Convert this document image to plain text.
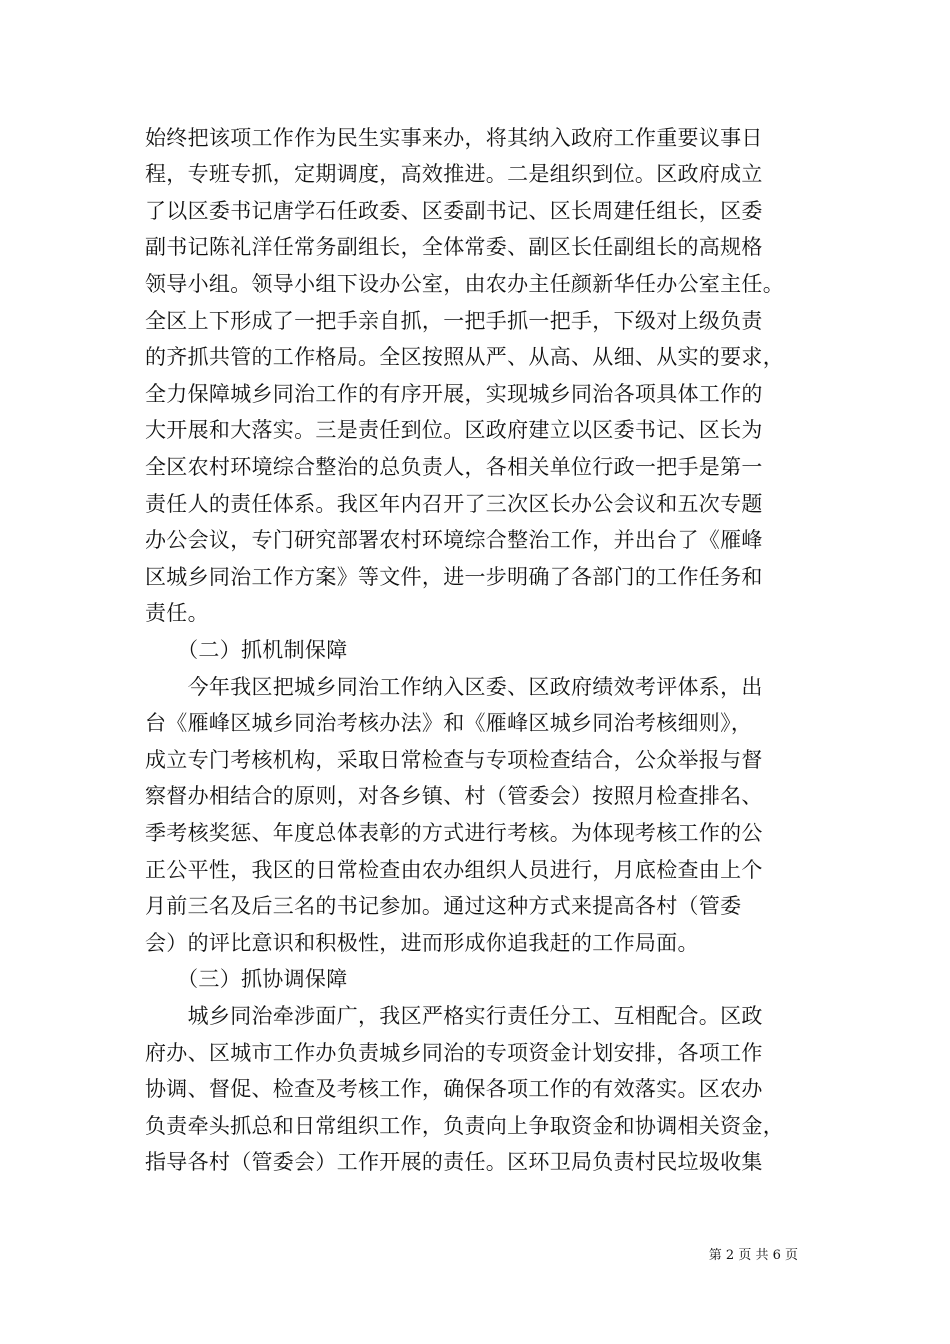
始终把该项工作作为民生实事来办，将其纳入政府工作重要议事日
程，专班专抓，定期调度，高效推进。二是组织到位。区政府成立
了以区委书记唐学石任政委、区委副书记、区长周建任组长，区委
副书记陈礼洋任常务副组长，全体常委、副区长任副组长的高规格
领导小组。领导小组下设办公室，由农办主任颜新华任办公室主任。
全区上下形成了一把手亲自抓，一把手抓一把手，下级对上级负责
的齐抓共管的工作格局。全区按照从严、从高、从细、从实的要求，
全力保障城乡同治工作的有序开展，实现城乡同治各项具体工作的
大开展和大落实。三是责任到位。区政府建立以区委书记、区长为
全区农村环境综合整治的总负责人，各相关单位行政一把手是第一
责任人的责任体系。我区年内召开了三次区长办公会议和五次专题
办公会议，专门研究部署农村环境综合整治工作，并出台了《雁峰
区城乡同治工作方案》等文件，进一步明确了各部门的工作任务和
责任。
　　（二）抓机制保障
　　今年我区把城乡同治工作纳入区委、区政府绩效考评体系，出
台《雁峰区城乡同治考核办法》和《雁峰区城乡同治考核细则》，
成立专门考核机构，采取日常检查与专项检查结合，公众举报与督
察督办相结合的原则，对各乡镇、村（管委会）按照月检查排名、
季考核奖惩、年度总体表彰的方式进行考核。为体现考核工作的公
正公平性，我区的日常检查由农办组织人员进行，月底检查由上个
月前三名及后三名的书记参加。通过这种方式来提高各村（管委
会）的评比意识和积极性，进而形成你追我赶的工作局面。
　　（三）抓协调保障
　　城乡同治牵涉面广，我区严格实行责任分工、互相配合。区政
府办、区城市工作办负责城乡同治的专项资金计划安排，各项工作
协调、督促、检查及考核工作，确保各项工作的有效落实。区农办
负责牵头抓总和日常组织工作，负责向上争取资金和协调相关资金，
指导各村（管委会）工作开展的责任。区环卫局负责村民垃圾收集
第 2 页 共 6 页
